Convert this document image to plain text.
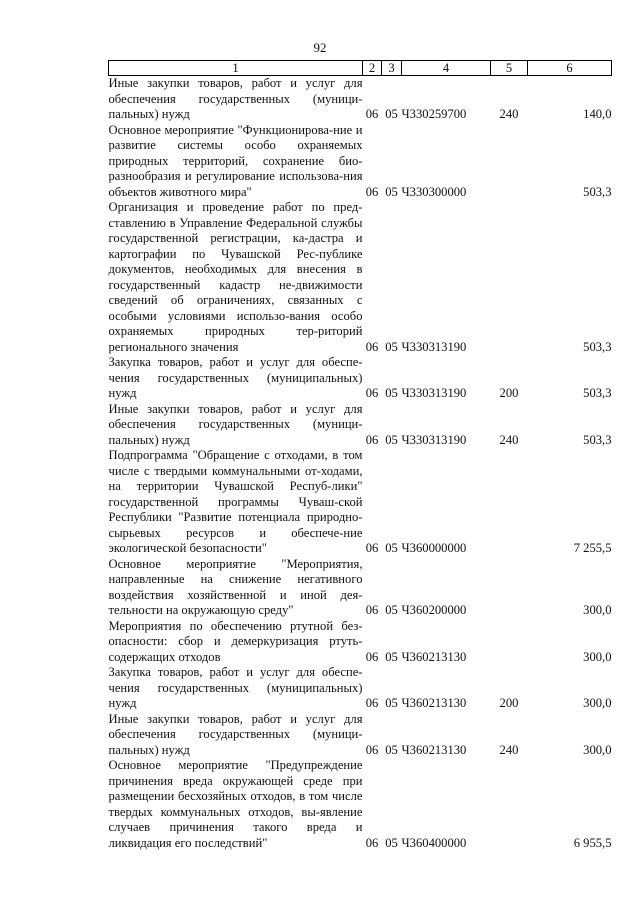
92
1	2	3	4	5	6
Иные закупки товаров, работ и услуг для обеспечения государственных (муници-пальных) нужд	06	05	Ч330259700	240	140,0
Основное мероприятие "Функционирова-ние и развитие системы особо охраняемых природных территорий, сохранение био-разнообразия и регулирование использова-ния объектов животного мира"	06	05	Ч330300000		503,3
Организация и проведение работ по пред-ставлению в Управление Федеральной службы государственной регистрации, ка-дастра и картографии по Чувашской Рес-публике документов, необходимых для внесения в государственный кадастр не-движимости сведений об ограничениях, связанных с особыми условиями использо-вания особо охраняемых природных тер-риторий регионального значения	06	05	Ч330313190		503,3
Закупка товаров, работ и услуг для обеспе-чения государственных (муниципальных) нужд	06	05	Ч330313190	200	503,3
Иные закупки товаров, работ и услуг для обеспечения государственных (муници-пальных) нужд	06	05	Ч330313190	240	503,3
Подпрограмма "Обращение с отходами, в том числе с твердыми коммунальными от-ходами, на территории Чувашской Респуб-лики" государственной программы Чуваш-ской Республики "Развитие потенциала природно-сырьевых ресурсов и обеспече-ние экологической безопасности"	06	05	Ч360000000		7 255,5
Основное мероприятие "Мероприятия, направленные на снижение негативного воздействия хозяйственной и иной дея-тельности на окружающую среду"	06	05	Ч360200000		300,0
Мероприятия по обеспечению ртутной без-опасности: сбор и демеркуризация ртуть-содержащих отходов	06	05	Ч360213130		300,0
Закупка товаров, работ и услуг для обеспе-чения государственных (муниципальных) нужд	06	05	Ч360213130	200	300,0
Иные закупки товаров, работ и услуг для обеспечения государственных (муници-пальных) нужд	06	05	Ч360213130	240	300,0
Основное мероприятие "Предупреждение причинения вреда окружающей среде при размещении бесхозяйных отходов, в том числе твердых коммунальных отходов, вы-явление случаев причинения такого вреда и ликвидация его последствий"	06	05	Ч360400000		6 955,5
